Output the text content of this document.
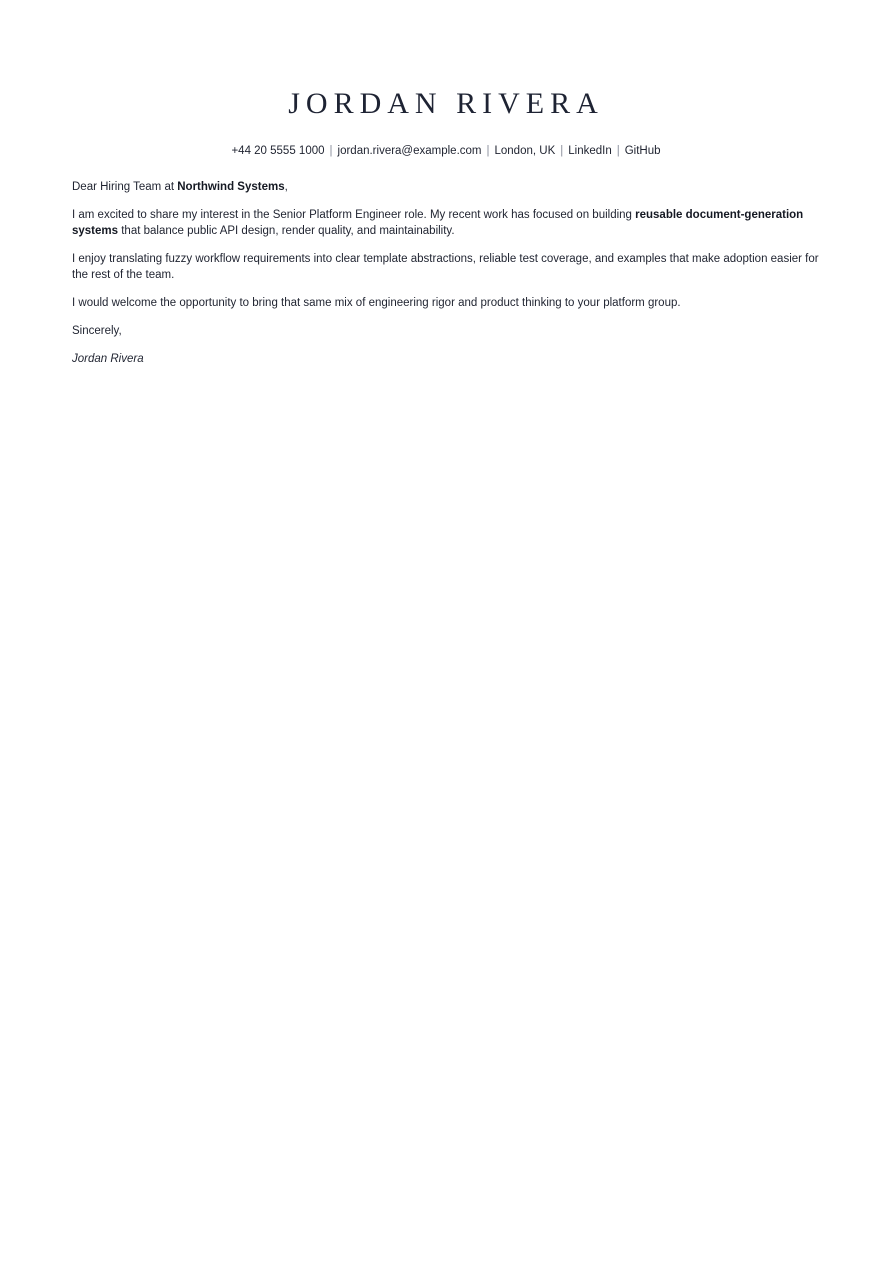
JORDAN RIVERA
+44 20 5555 1000 | jordan.rivera@example.com | London, UK | LinkedIn | GitHub

Dear Hiring Team at Northwind Systems,

I am excited to share my interest in the Senior Platform Engineer role. My recent work has focused on building reusable document-generation systems that balance public API design, render quality, and maintainability.

I enjoy translating fuzzy workflow requirements into clear template abstractions, reliable test coverage, and examples that make adoption easier for the rest of the team.

I would welcome the opportunity to bring that same mix of engineering rigor and product thinking to your platform group.

Sincerely,

Jordan Rivera
